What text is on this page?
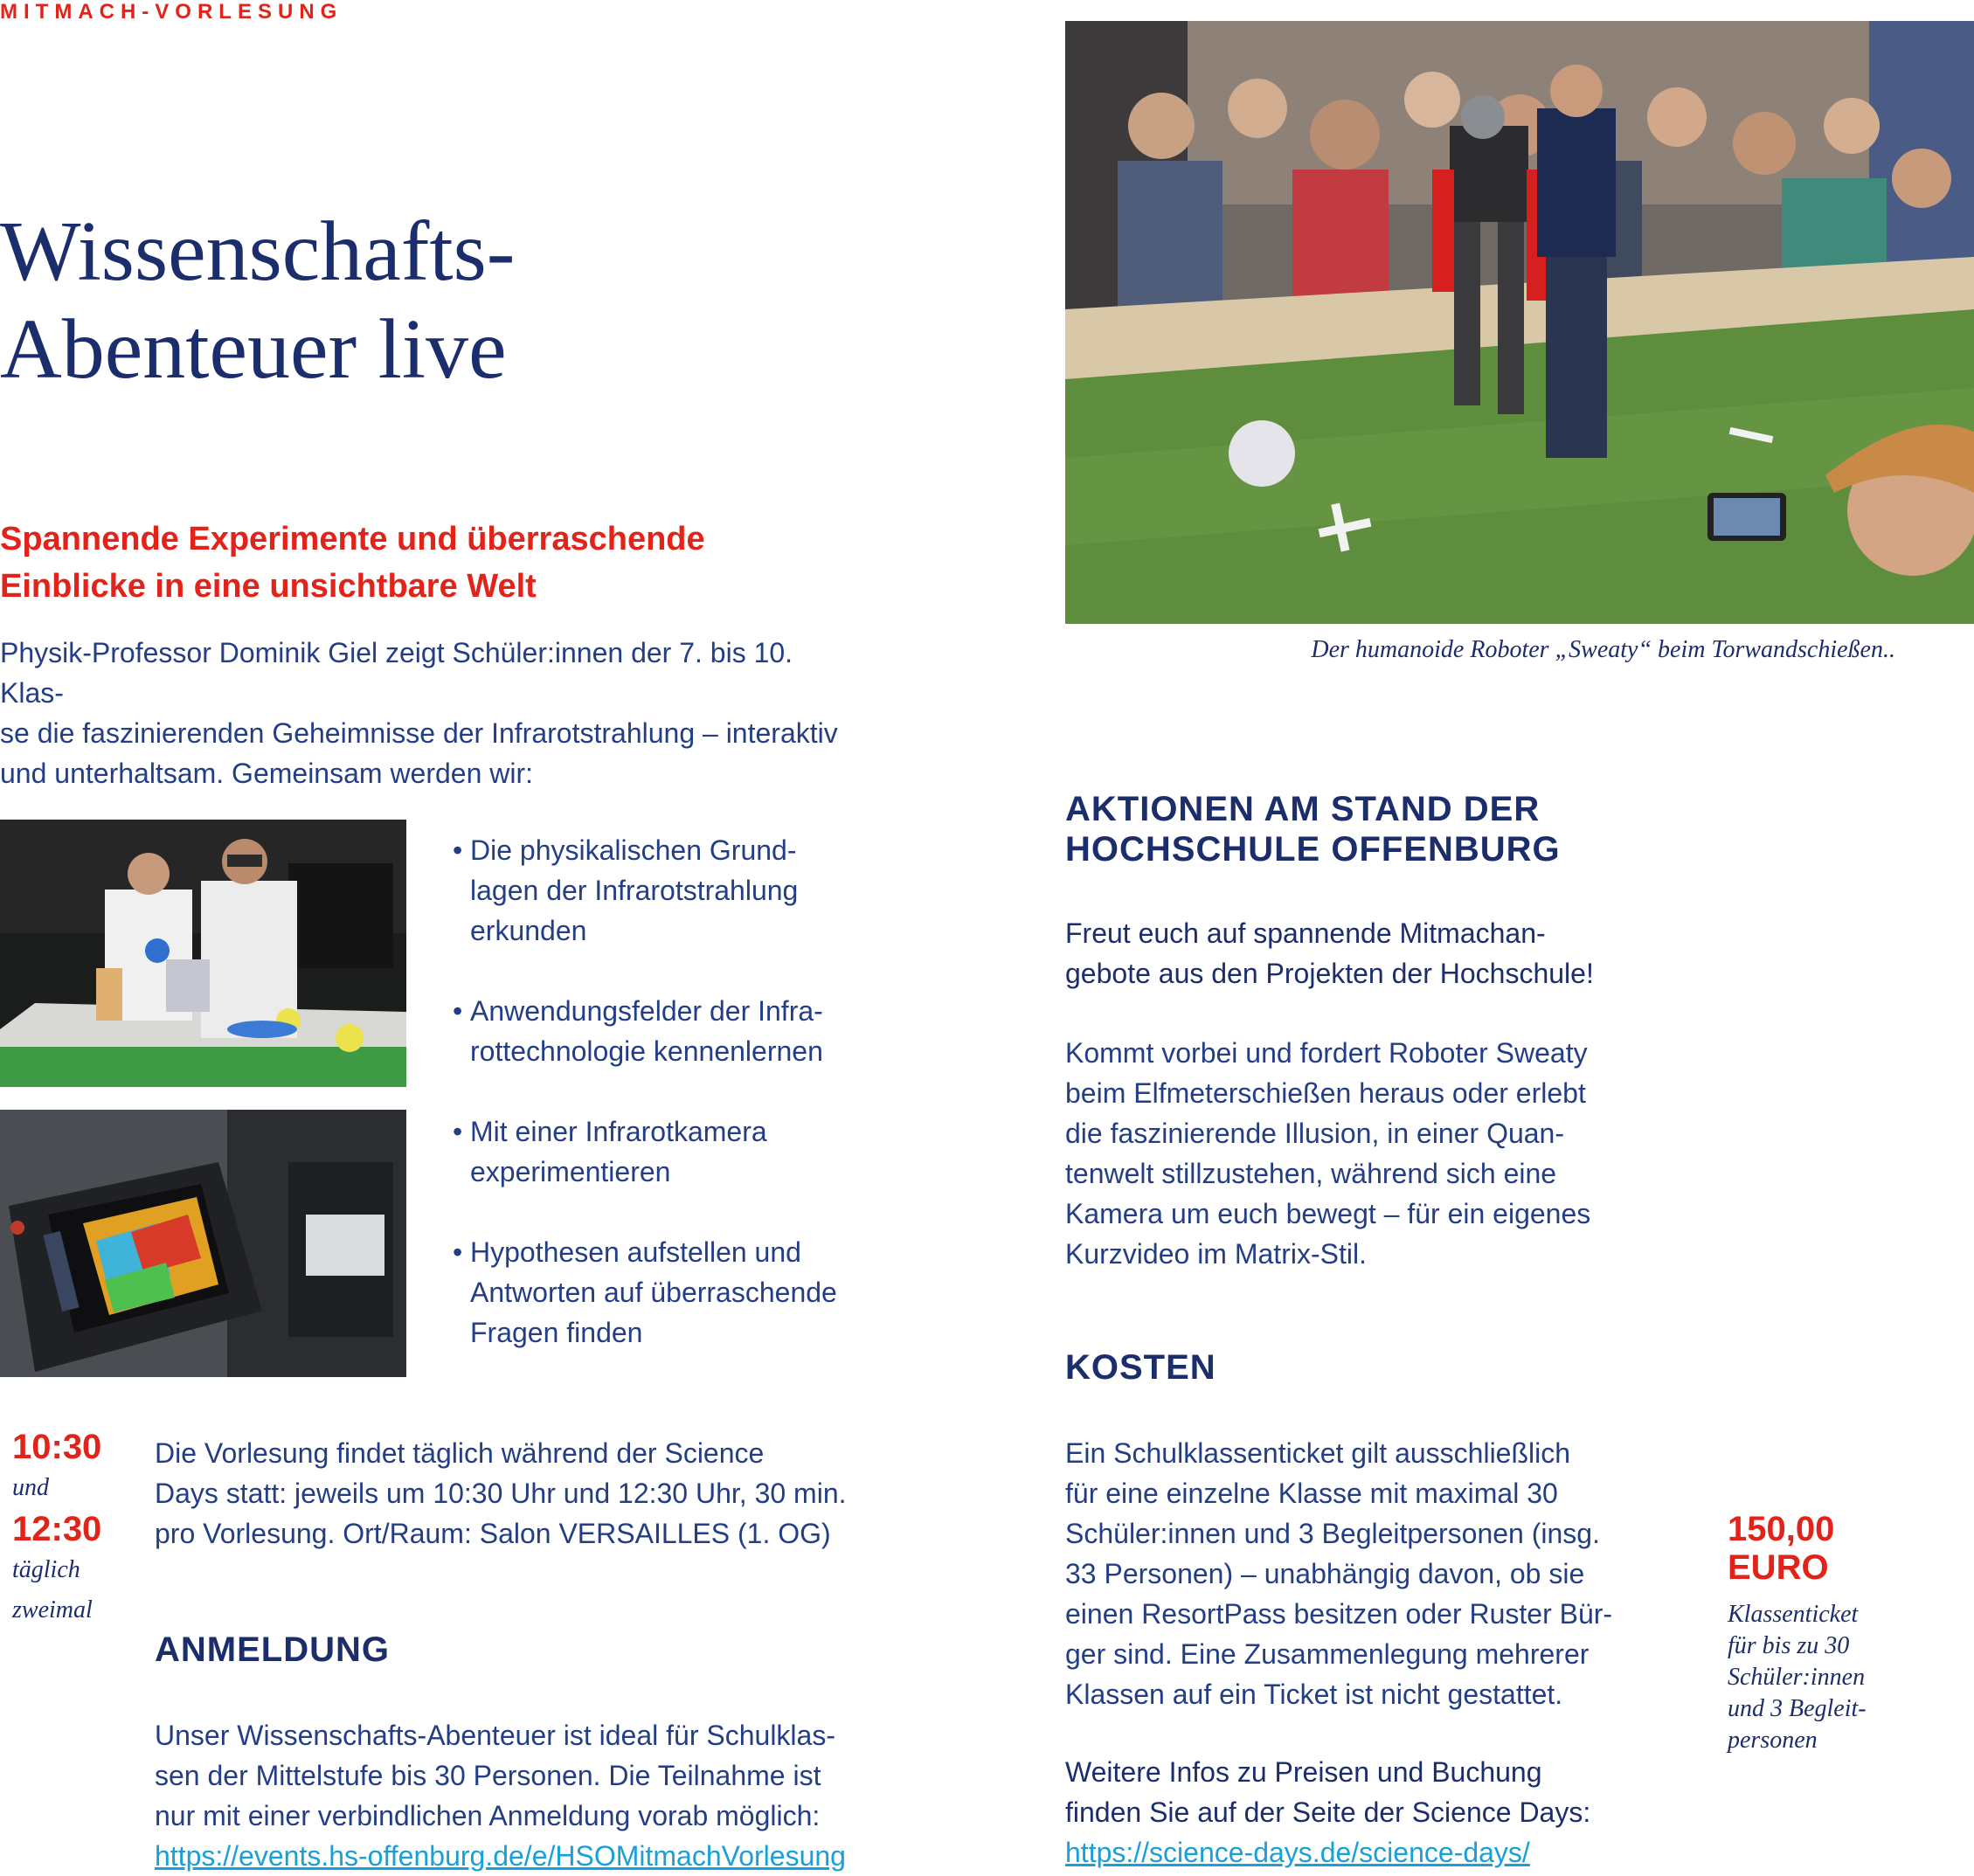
MITMACH-VORLESUNG
Wissenschafts-
Abenteuer live
Spannende Experimente und überraschende
Einblicke in eine unsichtbare Welt
Physik-Professor Dominik Giel zeigt Schüler:innen der 7. bis 10. Klas-
se die faszinierenden Geheimnisse der Infrarotstrahlung – interaktiv
und unterhaltsam. Gemeinsam werden wir:
Der humanoide Roboter „Sweaty“ beim Torwandschießen..
• Die physikalischen Grund-
lagen der Infrarotstrahlung
erkunden
• Anwendungsfelder der Infra-
rottechnologie kennenlernen
• Mit einer Infrarotkamera
experimentieren
• Hypothesen aufstellen und
Antworten auf überraschende
Fragen finden
10:30
und
12:30
täglich
zweimal
Die Vorlesung findet täglich während der Science
Days statt: jeweils um 10:30 Uhr und 12:30 Uhr, 30 min.
pro Vorlesung. Ort/Raum: Salon VERSAILLES (1. OG)
ANMELDUNG
Unser Wissenschafts-Abenteuer ist ideal für Schulklas-
sen der Mittelstufe bis 30 Personen. Die Teilnahme ist
nur mit einer verbindlichen Anmeldung vorab möglich:
https://events.hs-offenburg.de/e/HSOMitmachVorlesung
AKTIONEN AM STAND DER
HOCHSCHULE OFFENBURG
Freut euch auf spannende Mitmachan-
gebote aus den Projekten der Hochschule!
Kommt vorbei und fordert Roboter Sweaty
beim Elfmeterschießen heraus oder erlebt
die faszinierende Illusion, in einer Quan-
tenwelt stillzustehen, während sich eine
Kamera um euch bewegt – für ein eigenes
Kurzvideo im Matrix-Stil.
KOSTEN
Ein Schulklassenticket gilt ausschließlich
für eine einzelne Klasse mit maximal 30
Schüler:innen und 3 Begleitpersonen (insg.
33 Personen) – unabhängig davon, ob sie
einen ResortPass besitzen oder Ruster Bür-
ger sind. Eine Zusammenlegung mehrerer
Klassen auf ein Ticket ist nicht gestattet.
Weitere Infos zu Preisen und Buchung
finden Sie auf der Seite der Science Days:
https://science-days.de/science-days/
150,00
EURO
Klassenticket
für bis zu 30
Schüler:innen
und 3 Begleit-
personen
